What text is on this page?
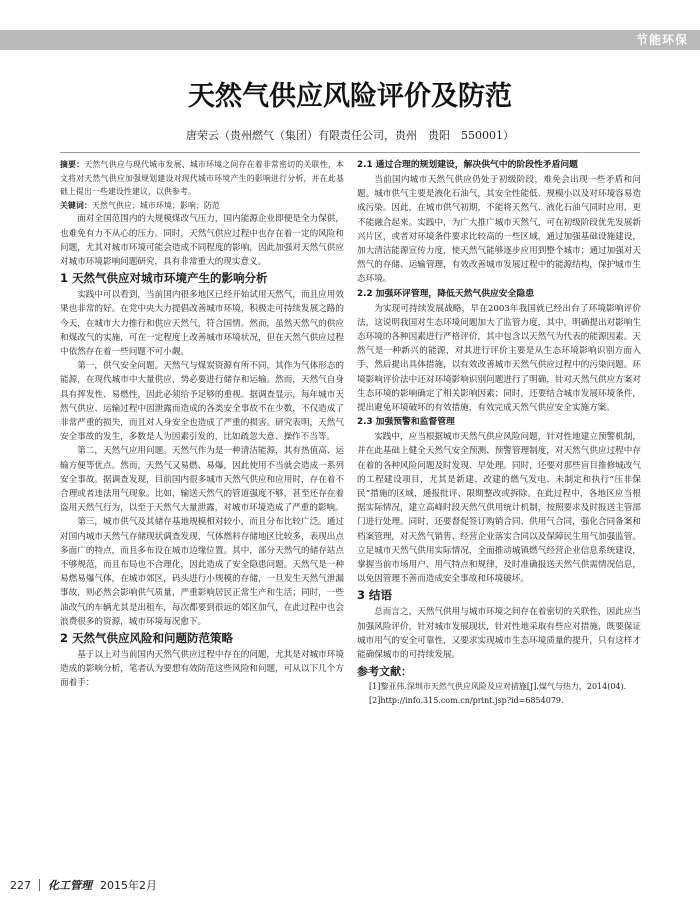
节能环保
天然气供应风险评价及防范
唐荣云（贵州燃气（集团）有限责任公司，贵州　贵阳　550001）
摘要：天然气供应与现代城市发展、城市环境之间存在着非常密切的关联性，本文将对天然气供应加强规划建设对现代城市环境产生的影响进行分析，并在此基础上提出一些建设性建议，以供参考。
关键词：天然气供应；城市环境；影响；防范
面对全国范围内的大规模煤改气压力，国内能源企业即便是全力保供，也难免有力不从心的压力。同时，天然气供应过程中也存在着一定的风险和问题，尤其对城市环境可能会造成不同程度的影响，因此加强对天然气供应对城市环境影响问题研究，具有非常重大的现实意义。
1 天然气供应对城市环境产生的影响分析
实践中可以看到，当前国内很多地区已经开始试用天然气，而且应用效果也非常的好。在党中央大力提倡改善城市环境，积极走可持续发展之路的今天，在城市大力推行和供应天然气，符合国情。然而，虽然天然气的供应和煤改气的实施，可在一定程度上改善城市环境状况，但在天然气供应过程中依然存在着一些问题不可小觑。
第一，供气安全问题。天然气与煤炭资源有所不同，其作为气体形态的能源，在现代城市中大量供应，势必要进行储存和运输。然而，天然气自身具有挥发性、易燃性，因此必须给予足够的重视。据调查显示，每年城市天然气供应、运输过程中因泄露而造成的各类安全事故不在少数，不仅造成了非常严重的损失，而且对人身安全也造成了严重的损害。研究表明，天然气安全事故的发生，多数是人为因素引发的，比如疏忽大意、操作不当等。
第二，天然气应用问题。天然气作为是一种清洁能源，其有热值高、运输方便等优点。然而，天然气又易燃、易爆，因此使用不当就会造成一系列安全事故。据调查发现，目前国内很多城市天然气供应和应用时，存在着不合理或者违法用气现象。比如，输送天然气的管道强度不够，甚至还存在着盗用天然气行为，以至于天然气大量泄露，对城市环境造成了严重的影响。
第三，城市供气及其储存基地规模相对较小，而且分布比较广泛。通过对国内城市天然气存储现状调查发现，气体燃料存储地区比较多，表现出点多面广的特点，而且多布设在城市边缘位置。其中，部分天然气的储存站点不够规范，而且布局也不合理化，因此造成了安全隐患问题。天然气是一种易燃易爆气体，在城市郊区，码头进行小规模的存储，一旦发生天然气泄漏事故，则必然会影响供气质量，严重影响居民正常生产和生活；同时，一些油改气的车辆尤其是出租车，每次都要到很远的郊区加气，在此过程中也会浪费很多的资源，城市环境每况愈下。
2 天然气供应风险和问题防范策略
基于以上对当前国内天然气供应过程中存在的问题，尤其是对城市环境造成的影响分析，笔者认为要想有效防范这些风险和问题，可从以下几个方面着手：
2.1 通过合理的规划建设，解决供气中的阶段性矛盾问题
当前国内城市天然气供应仍处于初级阶段，难免会出现一些矛盾和问题。城市供气主要是液化石油气，其安全性能低、规模小以及对环境容易造成污染。因此，在城市供气初期，不能将天然气、液化石油气同时应用，更不能融合起来。实践中，为广大推广城市天然气，可在初级阶段优先发展新兴片区，或者对环境条件要求比较高的一些区域，通过加强基础设施建设，加大清洁能源宣传力度，使天然气能够逐步应用到整个城市；通过加强对天然气的存储、运输管理，有效改善城市发展过程中的能源结构，保护城市生态环境。
2.2 加强环评管理，降低天然气供应安全隐患
为实现可持续发展战略，早在2003年我国就已经出台了环境影响评价法，这说明我国对生态环境问题加大了监管力度，其中，明确提出对影响生态环境的各种因素进行严格评价，其中包含以天然气为代表的能源因素。天然气是一种新兴的能源，对其进行评价主要是从生态环境影响识别方面入手，然后提出具体措施，以有效改善城市天然气供应过程中的污染问题。环境影响评价法中还对环境影响识别问题进行了明确，针对天然气供应方案对生态环境的影响确定了相关影响因素；同时，还要结合城市发展环境条件，提出避免环境破坏的有效措施，有效完成天然气供应安全实施方案。
2.3 加强预警和监督管理
实践中，应当根据城市天然气供应风险问题，针对性地建立预警机制，并在此基础上健全天然气安全预测、预警管理制度，对天然气供应过程中存在着的各种风险问题及时发现、早处理。同时，还要对那些盲目推修城改气的工程建设项目，尤其是新建、改建的燃气发电、未制定和执行“压非保民”措施的区域，通报批评、限期整改或拆除。在此过程中，各地区应当根据实际情况，建立高峰时段天然气供用统计机制，按照要求及时报送主管部门进行处理。同时，还要督促签订购销合同、供用气合同，强化合同备案和档案管理，对天然气销售、经营企业落实合同以及保障民生用气加强监管。立足城市天然气供用实际情况，全面推动城镇燃气经营企业信息系统建设，掌握当前市场用户、用气特点和规律，及时准确报送天然气供需情况信息，以免因管理不善而造成安全事故和环境破坏。
3 结语
总而言之，天然气供用与城市环境之间存在着密切的关联性，因此应当加强风险评价，针对城市发展现状，针对性地采取有些应对措施，既要保证城市用气的安全可靠性，又要求实现城市生态环境质量的提升，只有这样才能确保城市的可持续发展。
参考文献：
[1]黎亚伟.深圳市天然气供应风险及应对措施[J].煤气与热力，2014(04).
[2]http://info.315.com.cn/print.jsp?id=6854079.
227 化工管理 2015年2月
